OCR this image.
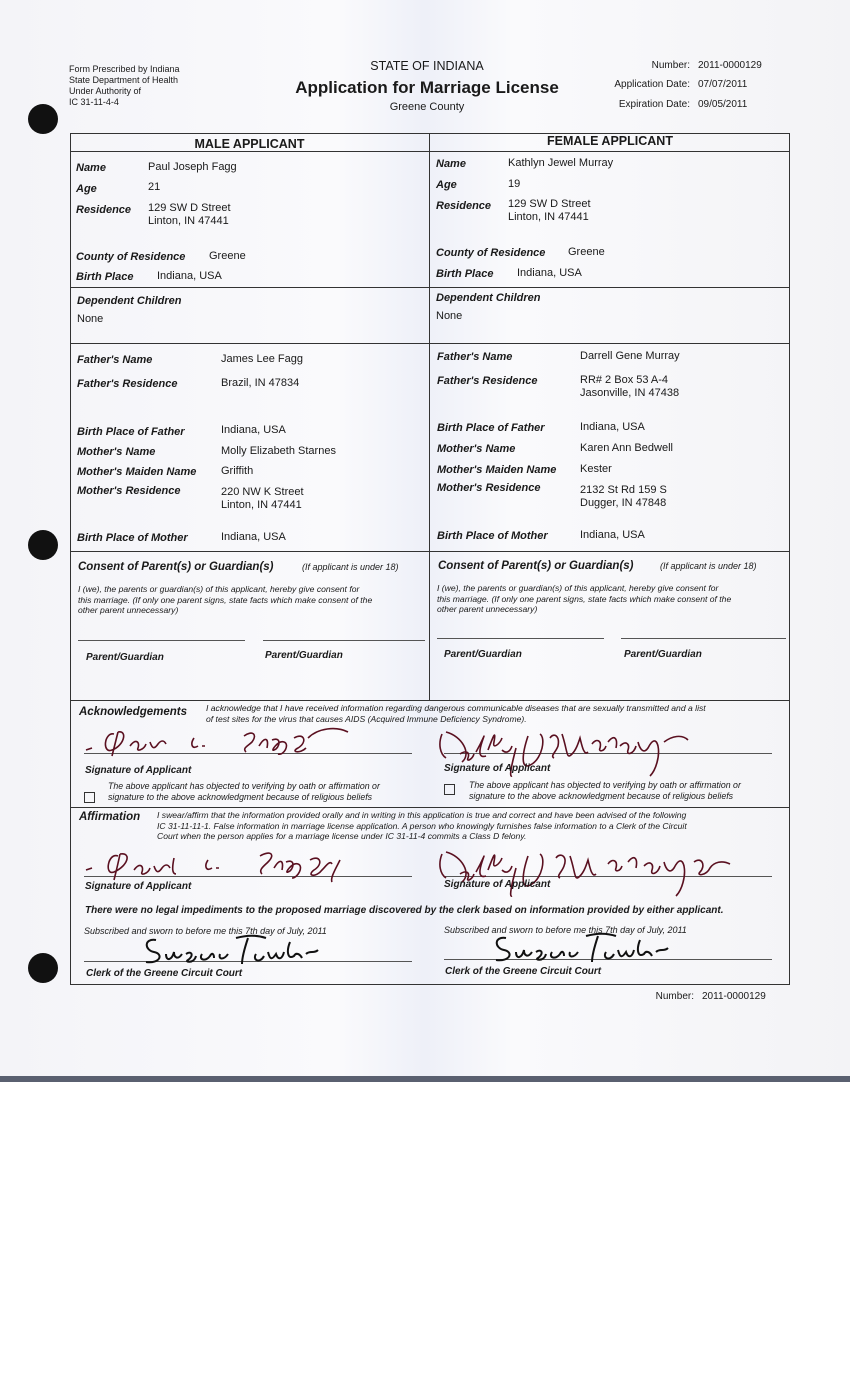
Form Prescribed by Indiana
State Department of Health
Under Authority of
IC 31-11-4-4
STATE OF INDIANA
Application for Marriage License
Greene County
Number: 2011-0000129
Application Date: 07/07/2011
Expiration Date: 09/05/2011
MALE APPLICANT	FEMALE APPLICANT
Name	Paul Joseph Fagg
Age	21
Residence 129 SW D Street
Linton, IN 47441
County of Residence Greene
Birth Place Indiana, USA
Dependent Children
None
Father's Name	James Lee Fagg
Father's Residence	Brazil, IN 47834
Birth Place of Father	Indiana, USA
Mother's Name	Molly Elizabeth Starnes
Mother's Maiden Name Griffith
Mother's Residence	220 NW K Street
Linton, IN 47441
Birth Place of Mother	Indiana, USA
Name	Kathlyn Jewel Murray
Age	19
Residence 129 SW D Street
Linton, IN 47441
County of Residence Greene
Birth Place Indiana, USA
Dependent Children
None
Father's Name	Darrell Gene Murray
Father's Residence	RR# 2 Box 53 A-4
Jasonville, IN 47438
Birth Place of Father	Indiana, USA
Mother's Name	Karen Ann Bedwell
Mother's Maiden Name Kester
Mother's Residence	2132 St Rd 159 S
Dugger, IN 47848
Birth Place of Mother	Indiana, USA
Consent of Parent(s) or Guardian(s)	(If applicant is under 18)
I (we), the parents or guardian(s) of this applicant, hereby give consent for
this marriage. (If only one parent signs, state facts which make consent of the
other parent unnecessary)
Parent/Guardian	Parent/Guardian
Consent of Parent(s) or Guardian(s)	(If applicant is under 18)
I (we), the parents or guardian(s) of this applicant, hereby give consent for
this marriage. (If only one parent signs, state facts which make consent of the
other parent unnecessary)
Parent/Guardian	Parent/Guardian
Acknowledgements I acknowledge that I have received information regarding dangerous communicable diseases that are sexually transmitted and a list
of test sites for the virus that causes AIDS (Acquired Immune Deficiency Syndrome).
Signature of Applicant	Signature of Applicant
The above applicant has objected to verifying by oath or affirmation or
signature to the above acknowledgment because of religious beliefs
The above applicant has objected to verifying by oath or affirmation or
signature to the above acknowledgment because of religious beliefs
Affirmation I swear/affirm that the information provided orally and in writing in this application is true and correct and have been advised of the following
IC 31-11-11-1. False information in marriage license application. A person who knowingly furnishes false information to a Clerk of the Circuit
Court when the person applies for a marriage license under IC 31-11-4 commits a Class D felony.
Signature of Applicant	Signature of Applicant
There were no legal impediments to the proposed marriage discovered by the clerk based on information provided by either applicant.
Subscribed and sworn to before me this 7th day of July, 2011	Subscribed and sworn to before me this 7th day of July, 2011
Clerk of the Greene Circuit Court	Clerk of the Greene Circuit Court
Number: 2011-0000129
